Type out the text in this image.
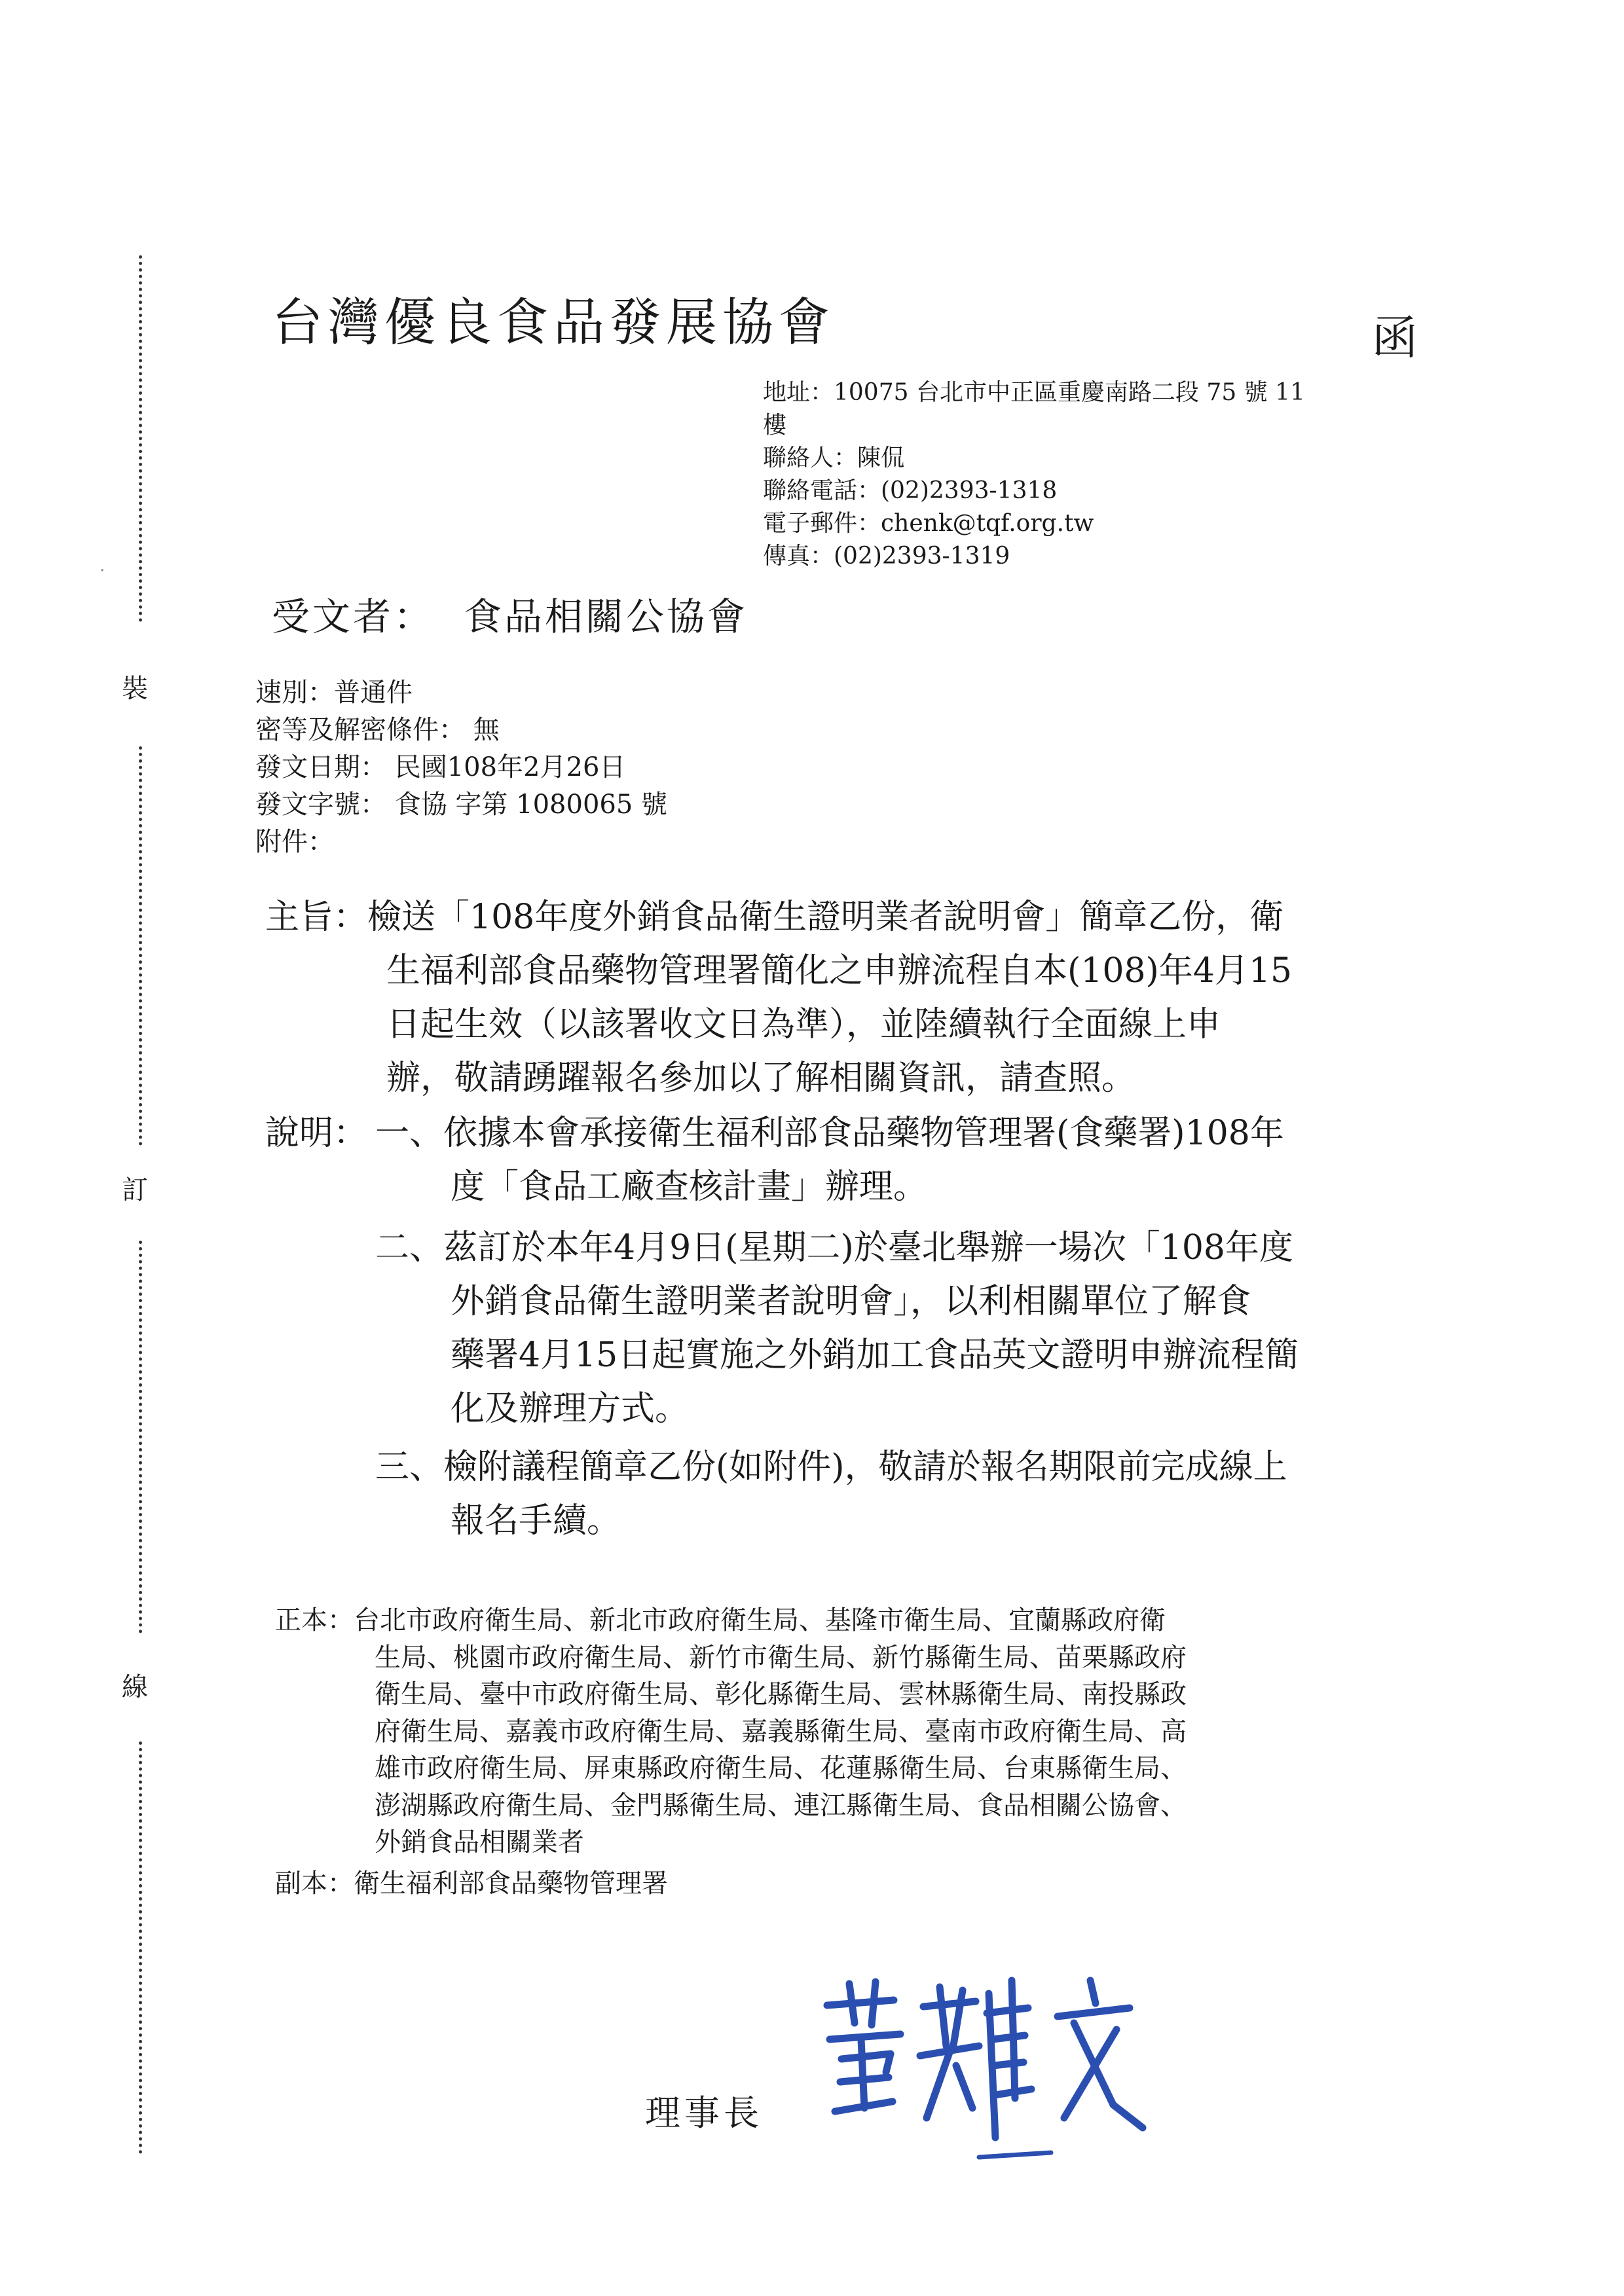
裝
訂
線
·
台灣優良食品發展協會	函
地址：10075 台北市中正區重慶南路二段 75 號 11
樓
聯絡人：陳侃
聯絡電話：(02)2393-1318
電子郵件：chenk@tqf.org.tw
傳真：(02)2393-1319
受文者： 食品相關公協會
速別：普通件
密等及解密條件： 無
發文日期： 民國108年2月26日
發文字號： 食協 字第 1080065 號
附件：
主旨：檢送「108年度外銷食品衛生證明業者說明會」簡章乙份，衛
生福利部食品藥物管理署簡化之申辦流程自本(108)年4月15
日起生效（以該署收文日為準），並陸續執行全面線上申
辦，敬請踴躍報名參加以了解相關資訊，請查照。
說明： 一、依據本會承接衛生福利部食品藥物管理署(食藥署)108年
度「食品工廠查核計畫」辦理。
二、茲訂於本年4月9日(星期二)於臺北舉辦一場次「108年度
外銷食品衛生證明業者說明會」，以利相關單位了解食
藥署4月15日起實施之外銷加工食品英文證明申辦流程簡
化及辦理方式。
三、檢附議程簡章乙份(如附件)，敬請於報名期限前完成線上
報名手續。
正本：台北市政府衛生局、新北市政府衛生局、基隆市衛生局、宜蘭縣政府衛
生局、桃園市政府衛生局、新竹市衛生局、新竹縣衛生局、苗栗縣政府
衛生局、臺中市政府衛生局、彰化縣衛生局、雲林縣衛生局、南投縣政
府衛生局、嘉義市政府衛生局、嘉義縣衛生局、臺南市政府衛生局、高
雄市政府衛生局、屏東縣政府衛生局、花蓮縣衛生局、台東縣衛生局、
澎湖縣政府衛生局、金門縣衛生局、連江縣衛生局、食品相關公協會、
外銷食品相關業者
副本：衛生福利部食品藥物管理署
理事長
